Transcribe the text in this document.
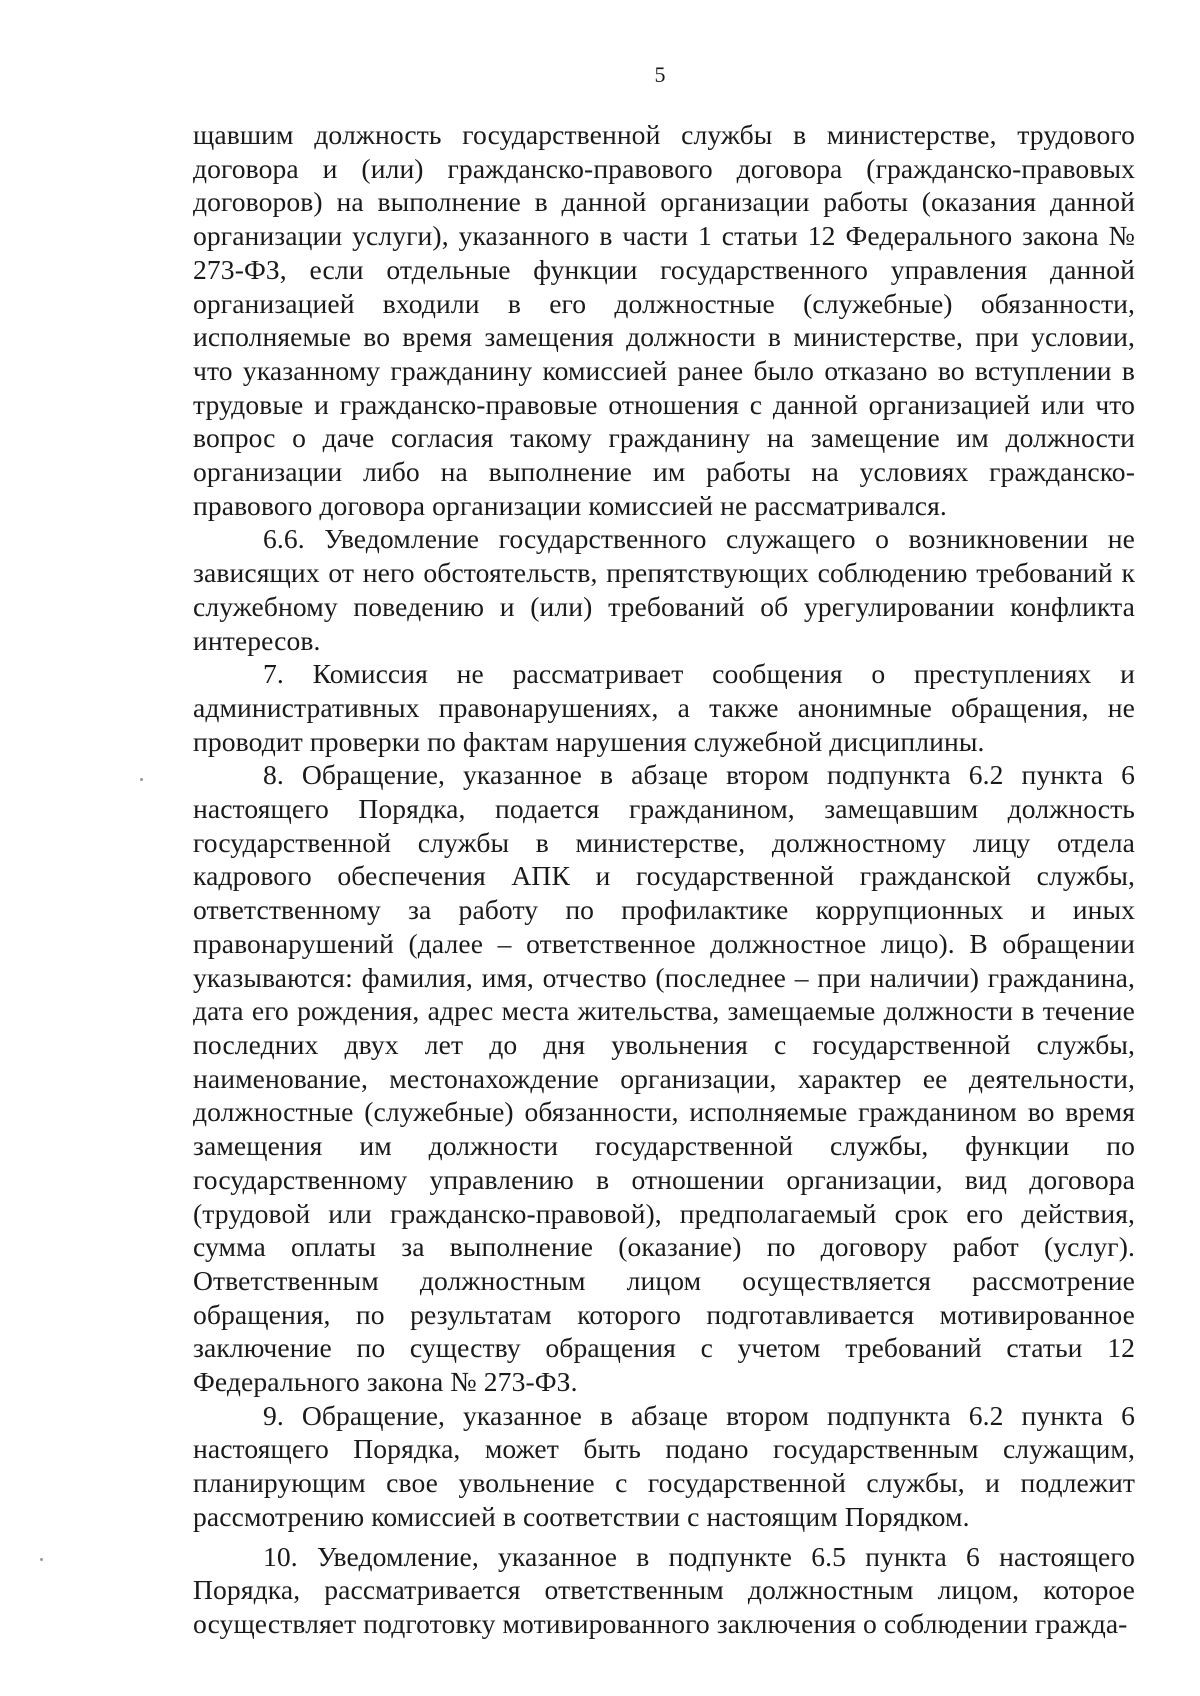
5

щавшим должность государственной службы в министерстве, трудового договора и (или) гражданско-правового договора (гражданско-правовых договоров) на выполнение в данной организации работы (оказания данной организации услуги), указанного в части 1 статьи 12 Федерального закона № 273-ФЗ, если отдельные функции государственного управления данной организацией входили в его должностные (служебные) обязанности, исполняемые во время замещения должности в министерстве, при условии, что указанному гражданину комиссией ранее было отказано во вступлении в трудовые и гражданско-правовые отношения с данной организацией или что вопрос о даче согласия такому гражданину на замещение им должности организации либо на выполнение им работы на условиях гражданско-правового договора организации комиссией не рассматривался.

6.6. Уведомление государственного служащего о возникновении не зависящих от него обстоятельств, препятствующих соблюдению требований к служебному поведению и (или) требований об урегулировании конфликта интересов.

7. Комиссия не рассматривает сообщения о преступлениях и административных правонарушениях, а также анонимные обращения, не проводит проверки по фактам нарушения служебной дисциплины.

8. Обращение, указанное в абзаце втором подпункта 6.2 пункта 6 настоящего Порядка, подается гражданином, замещавшим должность государственной службы в министерстве, должностному лицу отдела кадрового обеспечения АПК и государственной гражданской службы, ответственному за работу по профилактике коррупционных и иных правонарушений (далее – ответственное должностное лицо). В обращении указываются: фамилия, имя, отчество (последнее – при наличии) гражданина, дата его рождения, адрес места жительства, замещаемые должности в течение последних двух лет до дня увольнения с государственной службы, наименование, местонахождение организации, характер ее деятельности, должностные (служебные) обязанности, исполняемые гражданином во время замещения им должности государственной службы, функции по государственному управлению в отношении организации, вид договора (трудовой или гражданско-правовой), предполагаемый срок его действия, сумма оплаты за выполнение (оказание) по договору работ (услуг). Ответственным должностным лицом осуществляется рассмотрение обращения, по результатам которого подготавливается мотивированное заключение по существу обращения с учетом требований статьи 12 Федерального закона № 273-ФЗ.

9. Обращение, указанное в абзаце втором подпункта 6.2 пункта 6 настоящего Порядка, может быть подано государственным служащим, планирующим свое увольнение с государственной службы, и подлежит рассмотрению комиссией в соответствии с настоящим Порядком.

10. Уведомление, указанное в подпункте 6.5 пункта 6 настоящего Порядка, рассматривается ответственным должностным лицом, которое осуществляет подготовку мотивированного заключения о соблюдении гражда-
